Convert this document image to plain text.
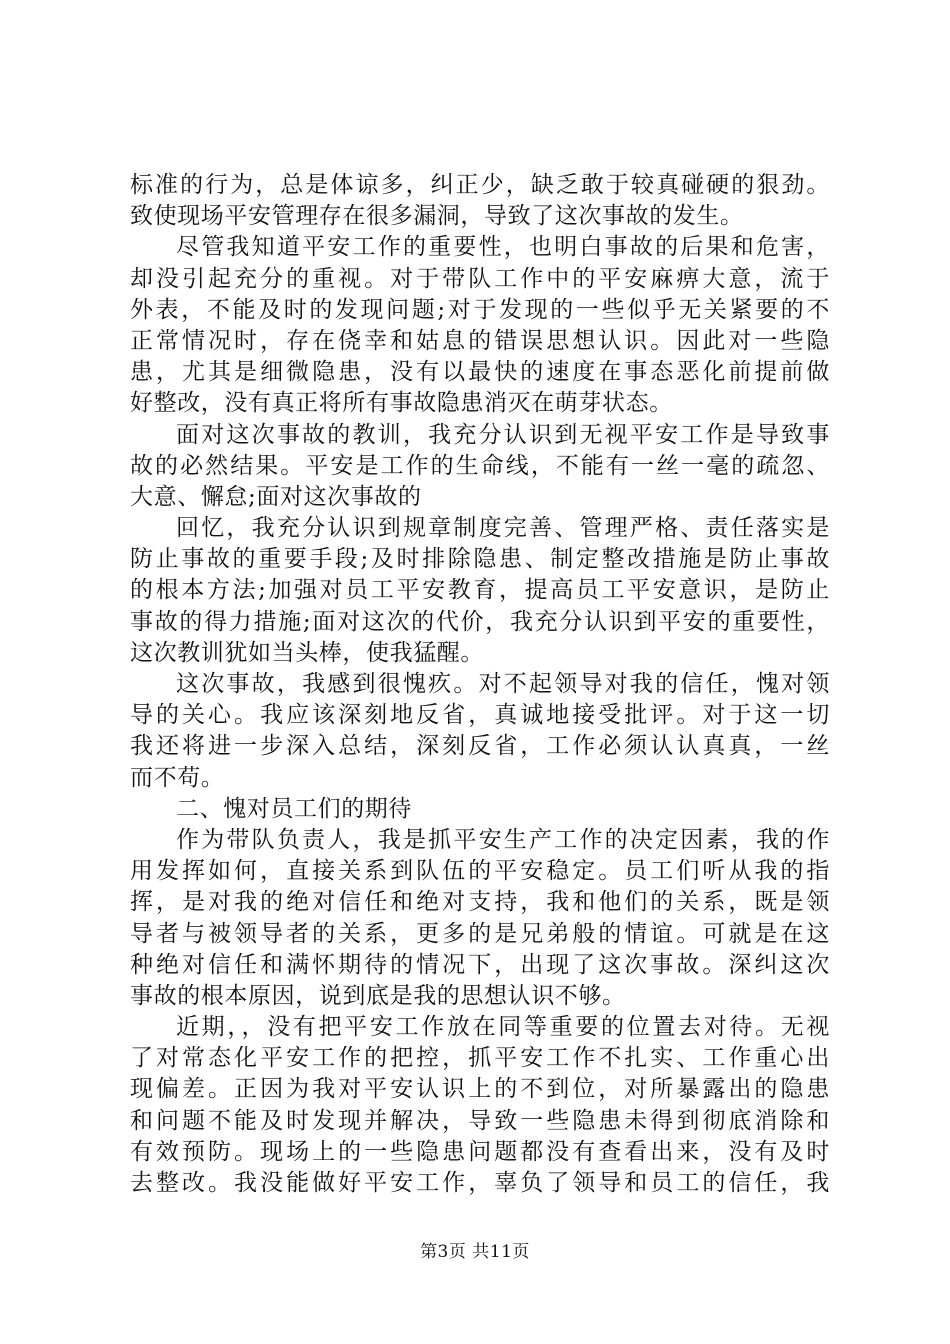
标准的行为，总是体谅多，纠正少，缺乏敢于较真碰硬的狠劲。
致使现场平安管理存在很多漏洞，导致了这次事故的发生。
尽管我知道平安工作的重要性，也明白事故的后果和危害，
却没引起充分的重视。对于带队工作中的平安麻痹大意，流于
外表，不能及时的发现问题;对于发现的一些似乎无关紧要的不
正常情况时，存在侥幸和姑息的错误思想认识。因此对一些隐
患，尤其是细微隐患，没有以最快的速度在事态恶化前提前做
好整改，没有真正将所有事故隐患消灭在萌芽状态。
面对这次事故的教训，我充分认识到无视平安工作是导致事
故的必然结果。平安是工作的生命线，不能有一丝一毫的疏忽、
大意、懈怠;面对这次事故的
回忆，我充分认识到规章制度完善、管理严格、责任落实是
防止事故的重要手段;及时排除隐患、制定整改措施是防止事故
的根本方法;加强对员工平安教育，提高员工平安意识，是防止
事故的得力措施;面对这次的代价，我充分认识到平安的重要性，
这次教训犹如当头棒，使我猛醒。
这次事故，我感到很愧疚。对不起领导对我的信任，愧对领
导的关心。我应该深刻地反省，真诚地接受批评。对于这一切
我还将进一步深入总结，深刻反省，工作必须认认真真，一丝
而不苟。
二、愧对员工们的期待
作为带队负责人，我是抓平安生产工作的决定因素，我的作
用发挥如何，直接关系到队伍的平安稳定。员工们听从我的指
挥，是对我的绝对信任和绝对支持，我和他们的关系，既是领
导者与被领导者的关系，更多的是兄弟般的情谊。可就是在这
种绝对信任和满怀期待的情况下，出现了这次事故。深纠这次
事故的根本原因，说到底是我的思想认识不够。
近期，，没有把平安工作放在同等重要的位置去对待。无视
了对常态化平安工作的把控，抓平安工作不扎实、工作重心出
现偏差。正因为我对平安认识上的不到位，对所暴露出的隐患
和问题不能及时发现并解决，导致一些隐患未得到彻底消除和
有效预防。现场上的一些隐患问题都没有查看出来，没有及时
去整改。我没能做好平安工作，辜负了领导和员工的信任，我
第3页 共11页
